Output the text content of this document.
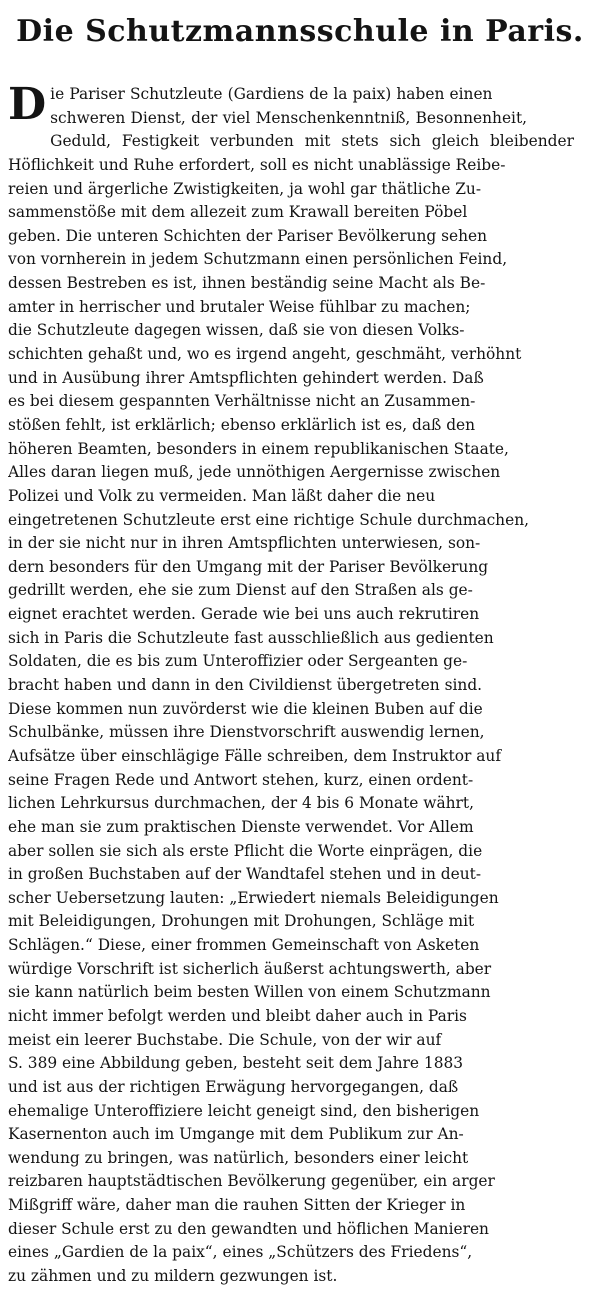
Die Schutzmannsschule in Paris.
D ie Pariser Schutzleute (Gardiens de la paix) haben einen
schweren Dienst, der viel Menschenkenntniß, Besonnenheit,
Geduld, Festigkeit verbunden mit stets sich gleich bleibender
Höflichkeit und Ruhe erfordert, soll es nicht unablässige Reibe-
reien und ärgerliche Zwistigkeiten, ja wohl gar thätliche Zu-
sammenstöße mit dem allezeit zum Krawall bereiten Pöbel
geben. Die unteren Schichten der Pariser Bevölkerung sehen
von vornherein in jedem Schutzmann einen persönlichen Feind,
dessen Bestreben es ist, ihnen beständig seine Macht als Be-
amter in herrischer und brutaler Weise fühlbar zu machen;
die Schutzleute dagegen wissen, daß sie von diesen Volks-
schichten gehaßt und, wo es irgend angeht, geschmäht, verhöhnt
und in Ausübung ihrer Amtspflichten gehindert werden. Daß
es bei diesem gespannten Verhältnisse nicht an Zusammen-
stößen fehlt, ist erklärlich; ebenso erklärlich ist es, daß den
höheren Beamten, besonders in einem republikanischen Staate,
Alles daran liegen muß, jede unnöthigen Aergernisse zwischen
Polizei und Volk zu vermeiden. Man läßt daher die neu
eingetretenen Schutzleute erst eine richtige Schule durchmachen,
in der sie nicht nur in ihren Amtspflichten unterwiesen, son-
dern besonders für den Umgang mit der Pariser Bevölkerung
gedrillt werden, ehe sie zum Dienst auf den Straßen als ge-
eignet erachtet werden. Gerade wie bei uns auch rekrutiren
sich in Paris die Schutzleute fast ausschließlich aus gedienten
Soldaten, die es bis zum Unteroffizier oder Sergeanten ge-
bracht haben und dann in den Civildienst übergetreten sind.
Diese kommen nun zuvörderst wie die kleinen Buben auf die
Schulbänke, müssen ihre Dienstvorschrift auswendig lernen,
Aufsätze über einschlägige Fälle schreiben, dem Instruktor auf
seine Fragen Rede und Antwort stehen, kurz, einen ordent-
lichen Lehrkursus durchmachen, der 4 bis 6 Monate währt,
ehe man sie zum praktischen Dienste verwendet. Vor Allem
aber sollen sie sich als erste Pflicht die Worte einprägen, die
in großen Buchstaben auf der Wandtafel stehen und in deut-
scher Uebersetzung lauten: „Erwiedert niemals Beleidigungen
mit Beleidigungen, Drohungen mit Drohungen, Schläge mit
Schlägen.“ Diese, einer frommen Gemeinschaft von Asketen
würdige Vorschrift ist sicherlich äußerst achtungswerth, aber
sie kann natürlich beim besten Willen von einem Schutzmann
nicht immer befolgt werden und bleibt daher auch in Paris
meist ein leerer Buchstabe. Die Schule, von der wir auf
S. 389 eine Abbildung geben, besteht seit dem Jahre 1883
und ist aus der richtigen Erwägung hervorgegangen, daß
ehemalige Unteroffiziere leicht geneigt sind, den bisherigen
Kasernenton auch im Umgange mit dem Publikum zur An-
wendung zu bringen, was natürlich, besonders einer leicht
reizbaren hauptstädtischen Bevölkerung gegenüber, ein arger
Mißgriff wäre, daher man die rauhen Sitten der Krieger in
dieser Schule erst zu den gewandten und höflichen Manieren
eines „Gardien de la paix“, eines „Schützers des Friedens“,
zu zähmen und zu mildern gezwungen ist.
